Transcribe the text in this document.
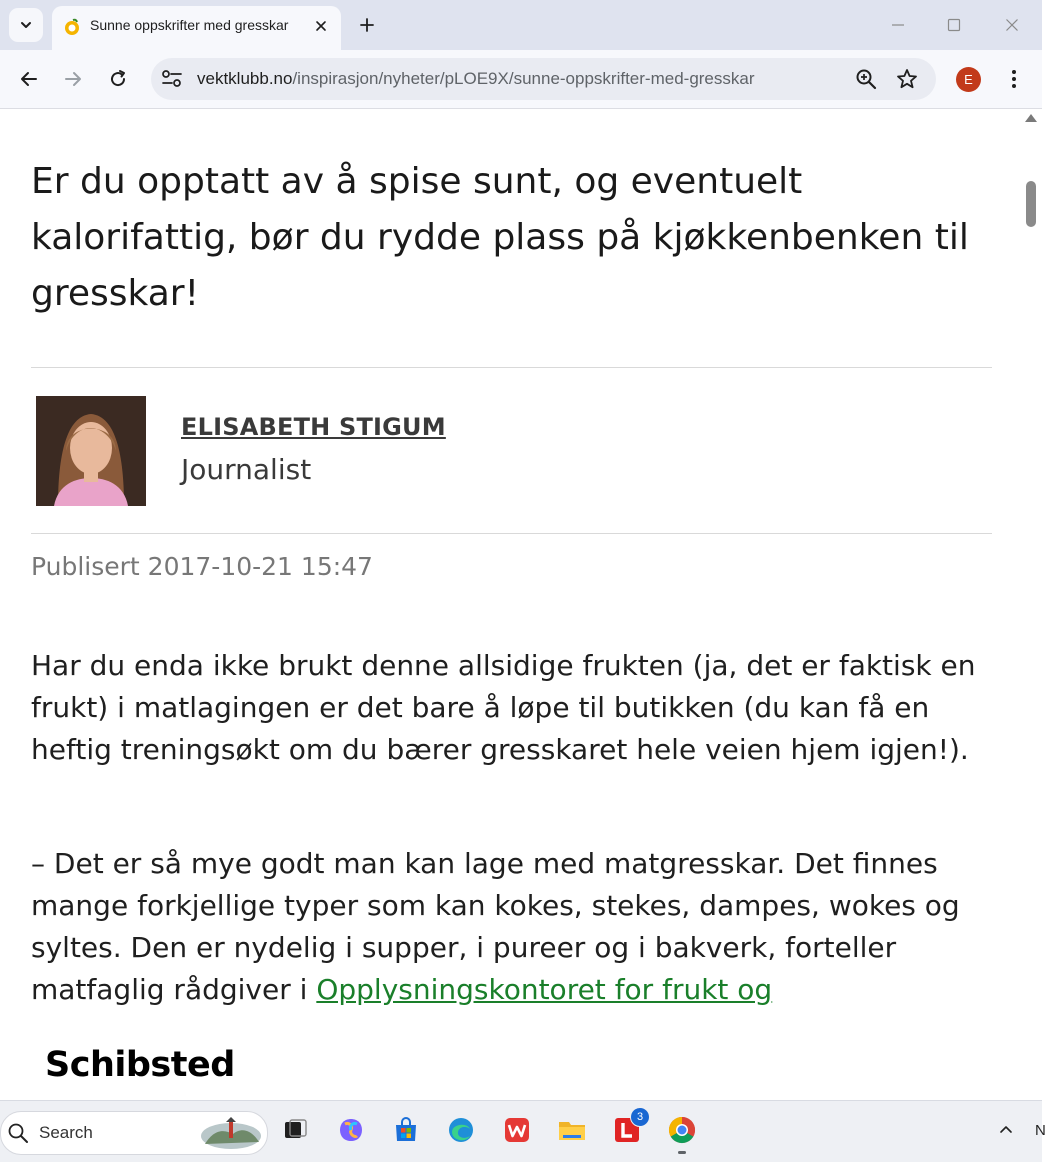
Sunne oppskrifter med gresskar
vektklubb.no/inspirasjon/nyheter/pLOE9X/sunne-oppskrifter-med-gresskar	E
Er du opptatt av å spise sunt, og eventuelt kalorifattig, bør du rydde plass på kjøkkenbenken til gresskar!
ELISABETH STIGUM
Journalist
Publisert 2017-10-21 15:47

Har du enda ikke brukt denne allsidige frukten (ja, det er faktisk en frukt) i matlagingen er det bare å løpe til butikken (du kan få en heftig treningsøkt om du bærer gresskaret hele veien hjem igjen!).

– Det er så mye godt man kan lage med matgresskar. Det finnes mange forkjellige typer som kan kokes, stekes, dampes, wokes og syltes. Den er nydelig i supper, i pureer og i bakverk, forteller matfaglig rådgiver i Opplysningskontoret for frukt og

Schibsted
Search
3
N
